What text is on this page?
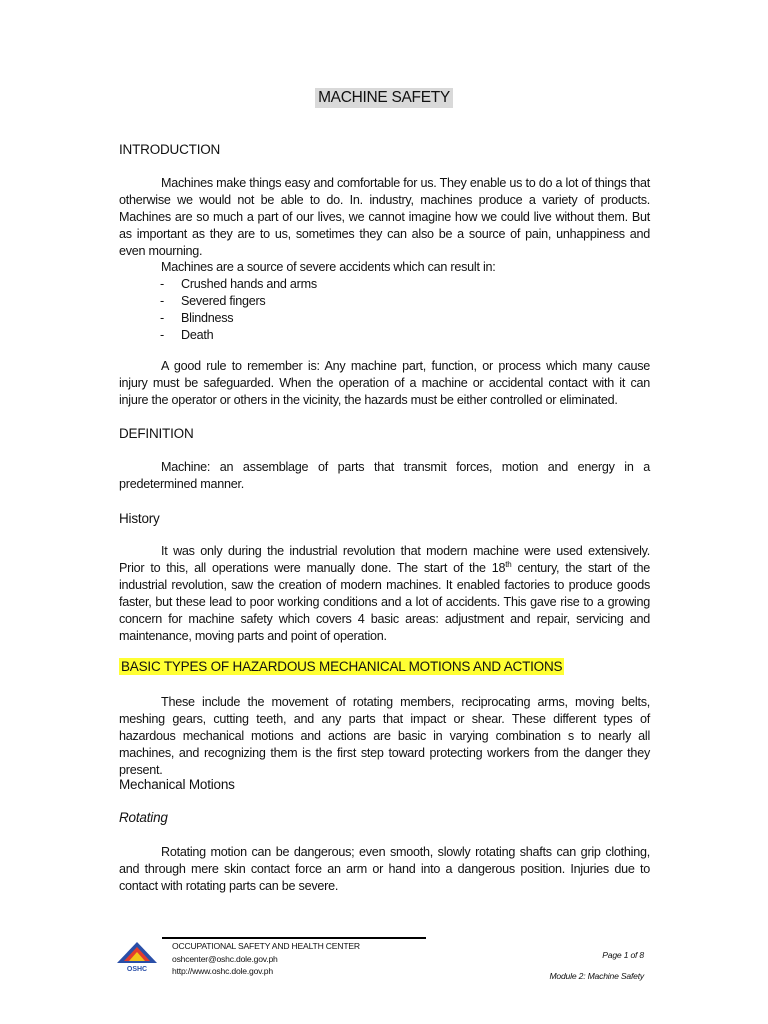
MACHINE SAFETY
INTRODUCTION

Machines make things easy and comfortable for us. They enable us to do a lot of things that otherwise we would not be able to do. In. industry, machines produce a variety of products. Machines are so much a part of our lives, we cannot imagine how we could live without them. But as important as they are to us, sometimes they can also be a source of pain, unhappiness and even mourning.

Machines are a source of severe accidents which can result in:

- Crushed hands and arms
- Severed fingers
- Blindness
- Death

A good rule to remember is: Any machine part, function, or process which many cause injury must be safeguarded. When the operation of a machine or accidental contact with it can injure the operator or others in the vicinity, the hazards must be either controlled or eliminated.

DEFINITION

Machine: an assemblage of parts that transmit forces, motion and energy in a predetermined manner.

History

It was only during the industrial revolution that modern machine were used extensively. Prior to this, all operations were manually done. The start of the 18th century, the start of the industrial revolution, saw the creation of modern machines. It enabled factories to produce goods faster, but these lead to poor working conditions and a lot of accidents. This gave rise to a growing concern for machine safety which covers 4 basic areas: adjustment and repair, servicing and maintenance, moving parts and point of operation.

BASIC TYPES OF HAZARDOUS MECHANICAL MOTIONS AND ACTIONS

These include the movement of rotating members, reciprocating arms, moving belts, meshing gears, cutting teeth, and any parts that impact or shear. These different types of hazardous mechanical motions and actions are basic in varying combination s to nearly all machines, and recognizing them is the first step toward protecting workers from the danger they present.

Mechanical Motions
Rotating

Rotating motion can be dangerous; even smooth, slowly rotating shafts can grip clothing, and through mere skin contact force an arm or hand into a dangerous position. Injuries due to contact with rotating parts can be severe.

OSHC
OCCUPATIONAL SAFETY AND HEALTH CENTER
oshcenter@oshc.dole.gov.ph
http://www.oshc.dole.gov.ph
Page 1 of 8
Module 2: Machine Safety
